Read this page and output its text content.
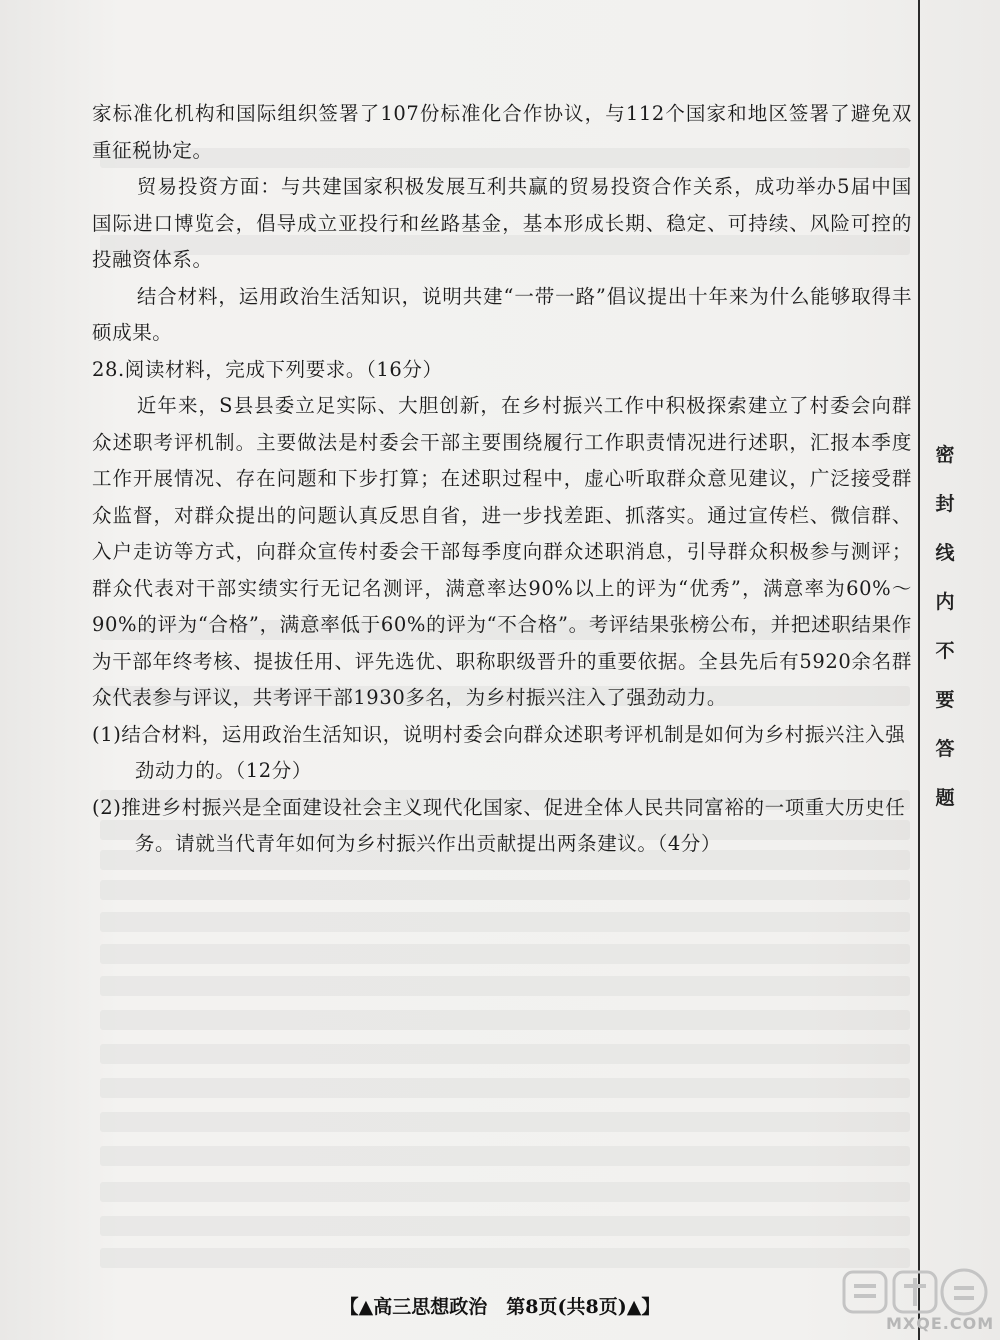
家标准化机构和国际组织签署了107份标准化合作协议，与112个国家和地区签署了避免双重征税协定。

贸易投资方面：与共建国家积极发展互利共赢的贸易投资合作关系，成功举办5届中国国际进口博览会，倡导成立亚投行和丝路基金，基本形成长期、稳定、可持续、风险可控的投融资体系。

结合材料，运用政治生活知识，说明共建“一带一路”倡议提出十年来为什么能够取得丰硕成果。

28.阅读材料，完成下列要求。（16分）

近年来，S县县委立足实际、大胆创新，在乡村振兴工作中积极探索建立了村委会向群众述职考评机制。主要做法是村委会干部主要围绕履行工作职责情况进行述职，汇报本季度工作开展情况、存在问题和下步打算；在述职过程中，虚心听取群众意见建议，广泛接受群众监督，对群众提出的问题认真反思自省，进一步找差距、抓落实。通过宣传栏、微信群、入户走访等方式，向群众宣传村委会干部每季度向群众述职消息，引导群众积极参与测评；群众代表对干部实绩实行无记名测评，满意率达90%以上的评为“优秀”，满意率为60%～90%的评为“合格”，满意率低于60%的评为“不合格”。考评结果张榜公布，并把述职结果作为干部年终考核、提拔任用、评先选优、职称职级晋升的重要依据。全县先后有5920余名群众代表参与评议，共考评干部1930多名，为乡村振兴注入了强劲动力。

(1)结合材料，运用政治生活知识，说明村委会向群众述职考评机制是如何为乡村振兴注入强劲动力的。（12分）

(2)推进乡村振兴是全面建设社会主义现代化国家、促进全体人民共同富裕的一项重大历史任务。请就当代青年如何为乡村振兴作出贡献提出两条建议。（4分）

密
封
线
内
不
要
答
题
【▲高三思想政治　第8页(共8页)▲】
MXQE.COM
